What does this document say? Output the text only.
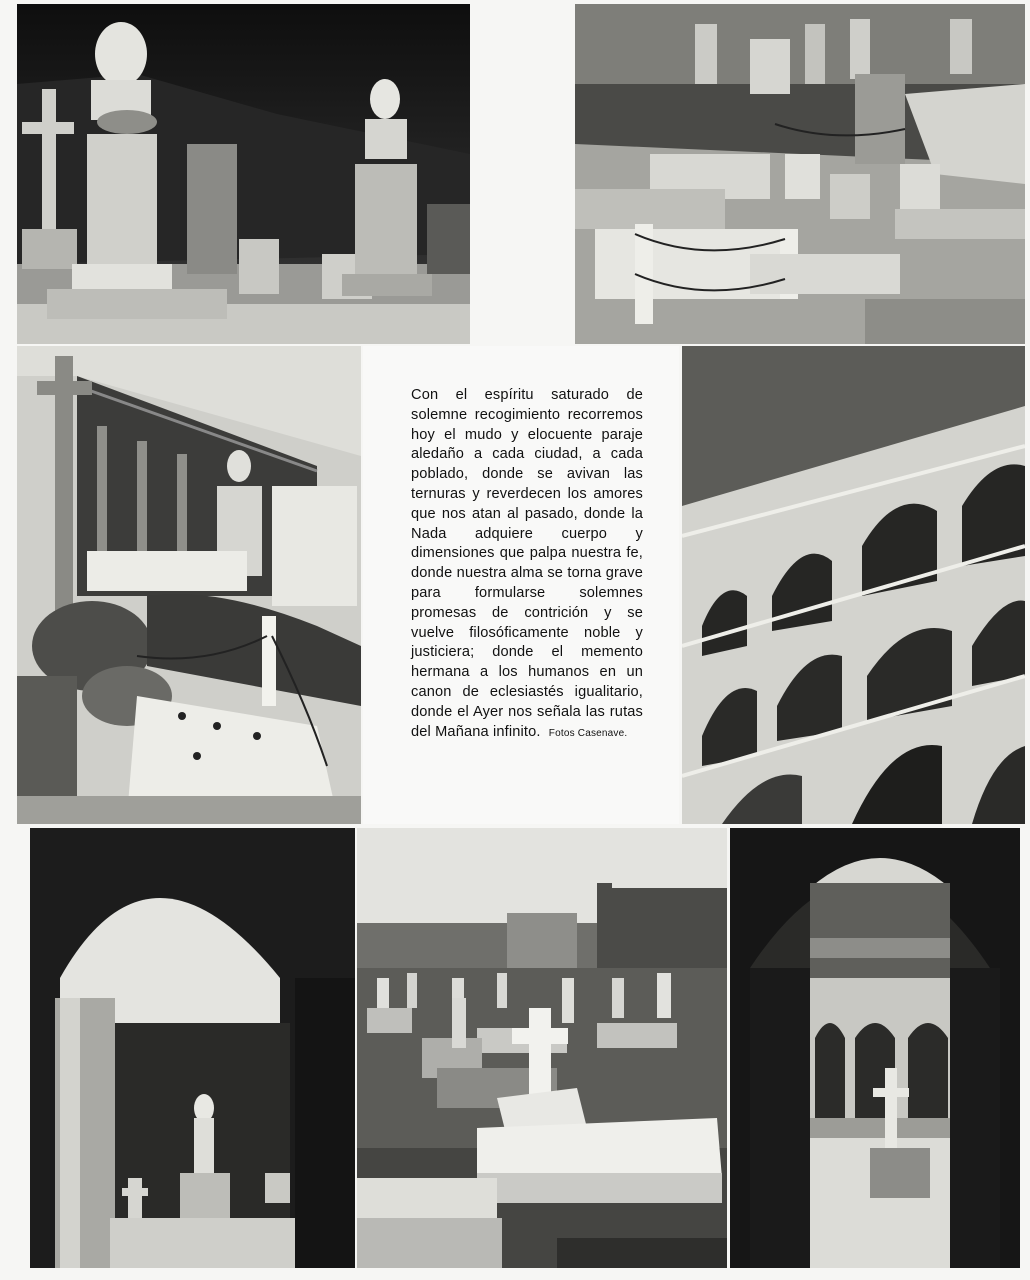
Con el espíritu saturado de solemne recogimiento recorremos hoy el mudo y elocuente paraje aledaño a cada ciudad, a cada poblado, donde se avivan las ternuras y reverdecen los amores que nos atan al pasado, donde la Nada adquiere cuerpo y dimensiones que palpa nuestra fe, donde nuestra alma se torna grave para formularse solemnes promesas de contrición y se vuelve filosóficamente noble y justiciera; donde el memento hermana a los humanos en un canon de eclesiastés igualitario, donde el Ayer nos señala las rutas del Mañana infinito. Fotos Casenave.
